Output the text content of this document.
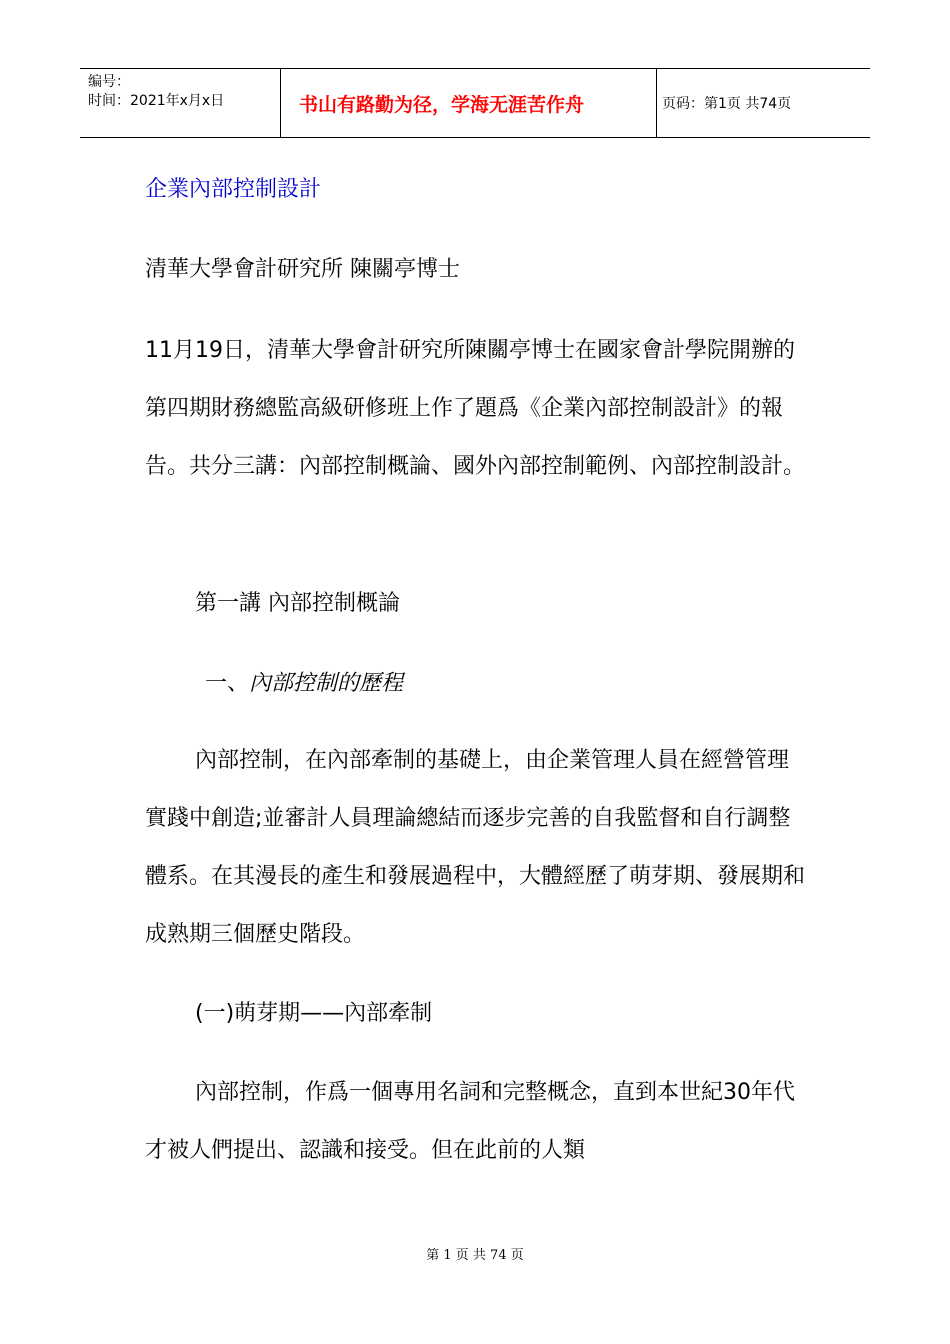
编号：
时间：2021年x月x日	书山有路勤为径，学海无涯苦作舟	页码：第1页 共74页
企業內部控制設計
清華大學會計研究所 陳關亭博士

11月19日，清華大學會計研究所陳關亭博士在國家會計學院開辦的第四期財務總監高級研修班上作了題爲《企業內部控制設計》的報告。共分三講：內部控制概論、國外內部控制範例、內部控制設計。

第一講 內部控制概論
一、內部控制的歷程

內部控制，在內部牽制的基礎上，由企業管理人員在經營管理實踐中創造;並審計人員理論總結而逐步完善的自我監督和自行調整體系。在其漫長的產生和發展過程中，大體經歷了萌芽期、發展期和成熟期三個歷史階段。

(一)萌芽期——內部牽制

內部控制，作爲一個專用名詞和完整概念，直到本世紀30年代 才被人們提出、認識和接受。但在此前的人類

第 1 页 共 74 页
